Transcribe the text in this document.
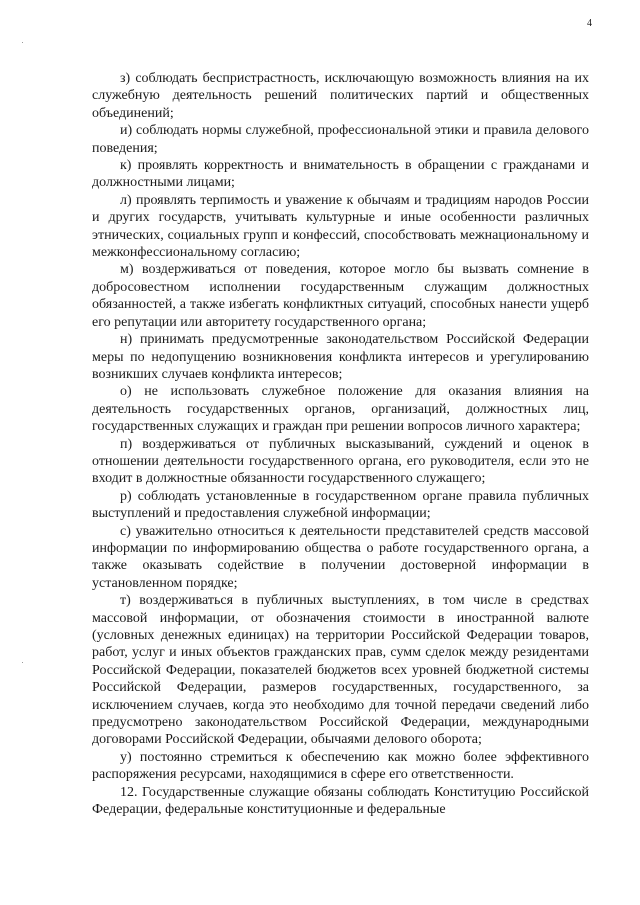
4

з) соблюдать беспристрастность, исключающую возможность влияния на их служебную деятельность решений политических партий и общественных объединений;

и) соблюдать нормы служебной, профессиональной этики и правила делового поведения;

к) проявлять корректность и внимательность в обращении с гражданами и должностными лицами;

л) проявлять терпимость и уважение к обычаям и традициям народов России и других государств, учитывать культурные и иные особенности различных этнических, социальных групп и конфессий, способствовать межнациональному и межконфессиональному согласию;

м) воздерживаться от поведения, которое могло бы вызвать сомнение в добросовестном исполнении государственным служащим должностных обязанностей, а также избегать конфликтных ситуаций, способных нанести ущерб его репутации или авторитету государственного органа;

н) принимать предусмотренные законодательством Российской Федерации меры по недопущению возникновения конфликта интересов и урегулированию возникших случаев конфликта интересов;

о) не использовать служебное положение для оказания влияния на деятельность государственных органов, организаций, должностных лиц, государственных служащих и граждан при решении вопросов личного характера;

п) воздерживаться от публичных высказываний, суждений и оценок в отношении деятельности государственного органа, его руководителя, если это не входит в должностные обязанности государственного служащего;

р) соблюдать установленные в государственном органе правила публичных выступлений и предоставления служебной информации;

с) уважительно относиться к деятельности представителей средств массовой информации по информированию общества о работе государственного органа, а также оказывать содействие в получении достоверной информации в установленном порядке;

т) воздерживаться в публичных выступлениях, в том числе в средствах массовой информации, от обозначения стоимости в иностранной валюте (условных денежных единицах) на территории Российской Федерации товаров, работ, услуг и иных объектов гражданских прав, сумм сделок между резидентами Российской Федерации, показателей бюджетов всех уровней бюджетной системы Российской Федерации, размеров государственных, государственного, за исключением случаев, когда это необходимо для точной передачи сведений либо предусмотрено законодательством Российской Федерации, международными договорами Российской Федерации, обычаями делового оборота;

у) постоянно стремиться к обеспечению как можно более эффективного распоряжения ресурсами, находящимися в сфере его ответственности.

12. Государственные служащие обязаны соблюдать Конституцию Российской Федерации, федеральные конституционные и федеральные
